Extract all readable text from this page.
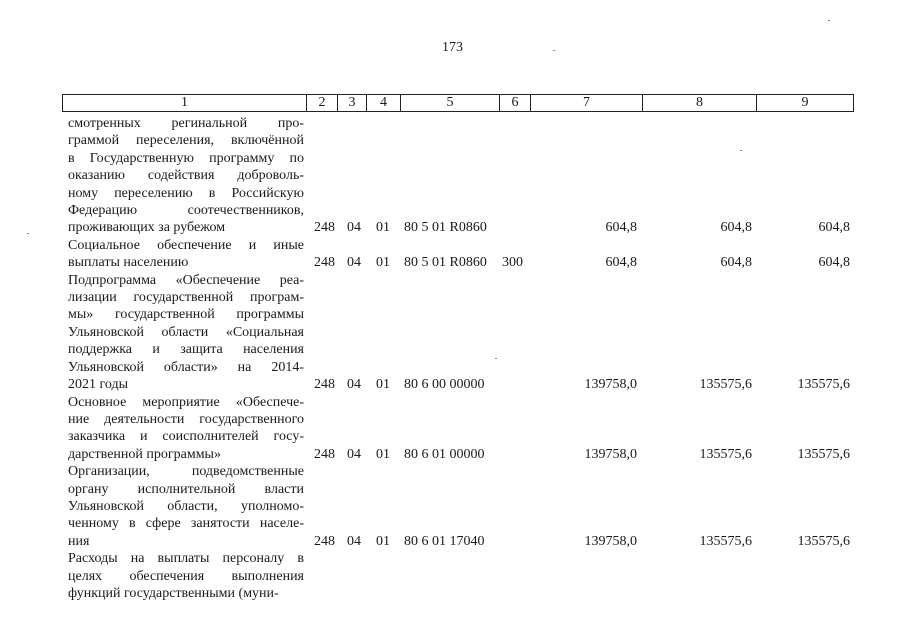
173
1	2	3	4	5	6	7	8	9
смотренных регинальной про-
граммой переселения, включённой
в Государственную программу по
оказанию содействия доброволь-
ному переселению в Российскую
Федерацию соотечественников,
проживающих за рубежом	248 04 01 80 5 01 R0860	604,8	604,8	604,8
Социальное обеспечение и иные
выплаты населению	248 04 01 80 5 01 R0860 300	604,8	604,8	604,8
Подпрограмма «Обеспечение реа-
лизации государственной програм-
мы» государственной программы
Ульяновской области «Социальная
поддержка и защита населения
Ульяновской области» на 2014-
2021 годы	248 04 01 80 6 00 00000	139758,0	135575,6	135575,6
Основное мероприятие «Обеспече-
ние деятельности государственного
заказчика и соисполнителей госу-
дарственной программы»	248 04 01 80 6 01 00000	139758,0	135575,6	135575,6
Организации, подведомственные
органу исполнительной власти
Ульяновской области, уполномо-
ченному в сфере занятости населе-
ния	248 04 01 80 6 01 17040	139758,0	135575,6	135575,6
Расходы на выплаты персоналу в
целях обеспечения выполнения
функций государственными (муни-
